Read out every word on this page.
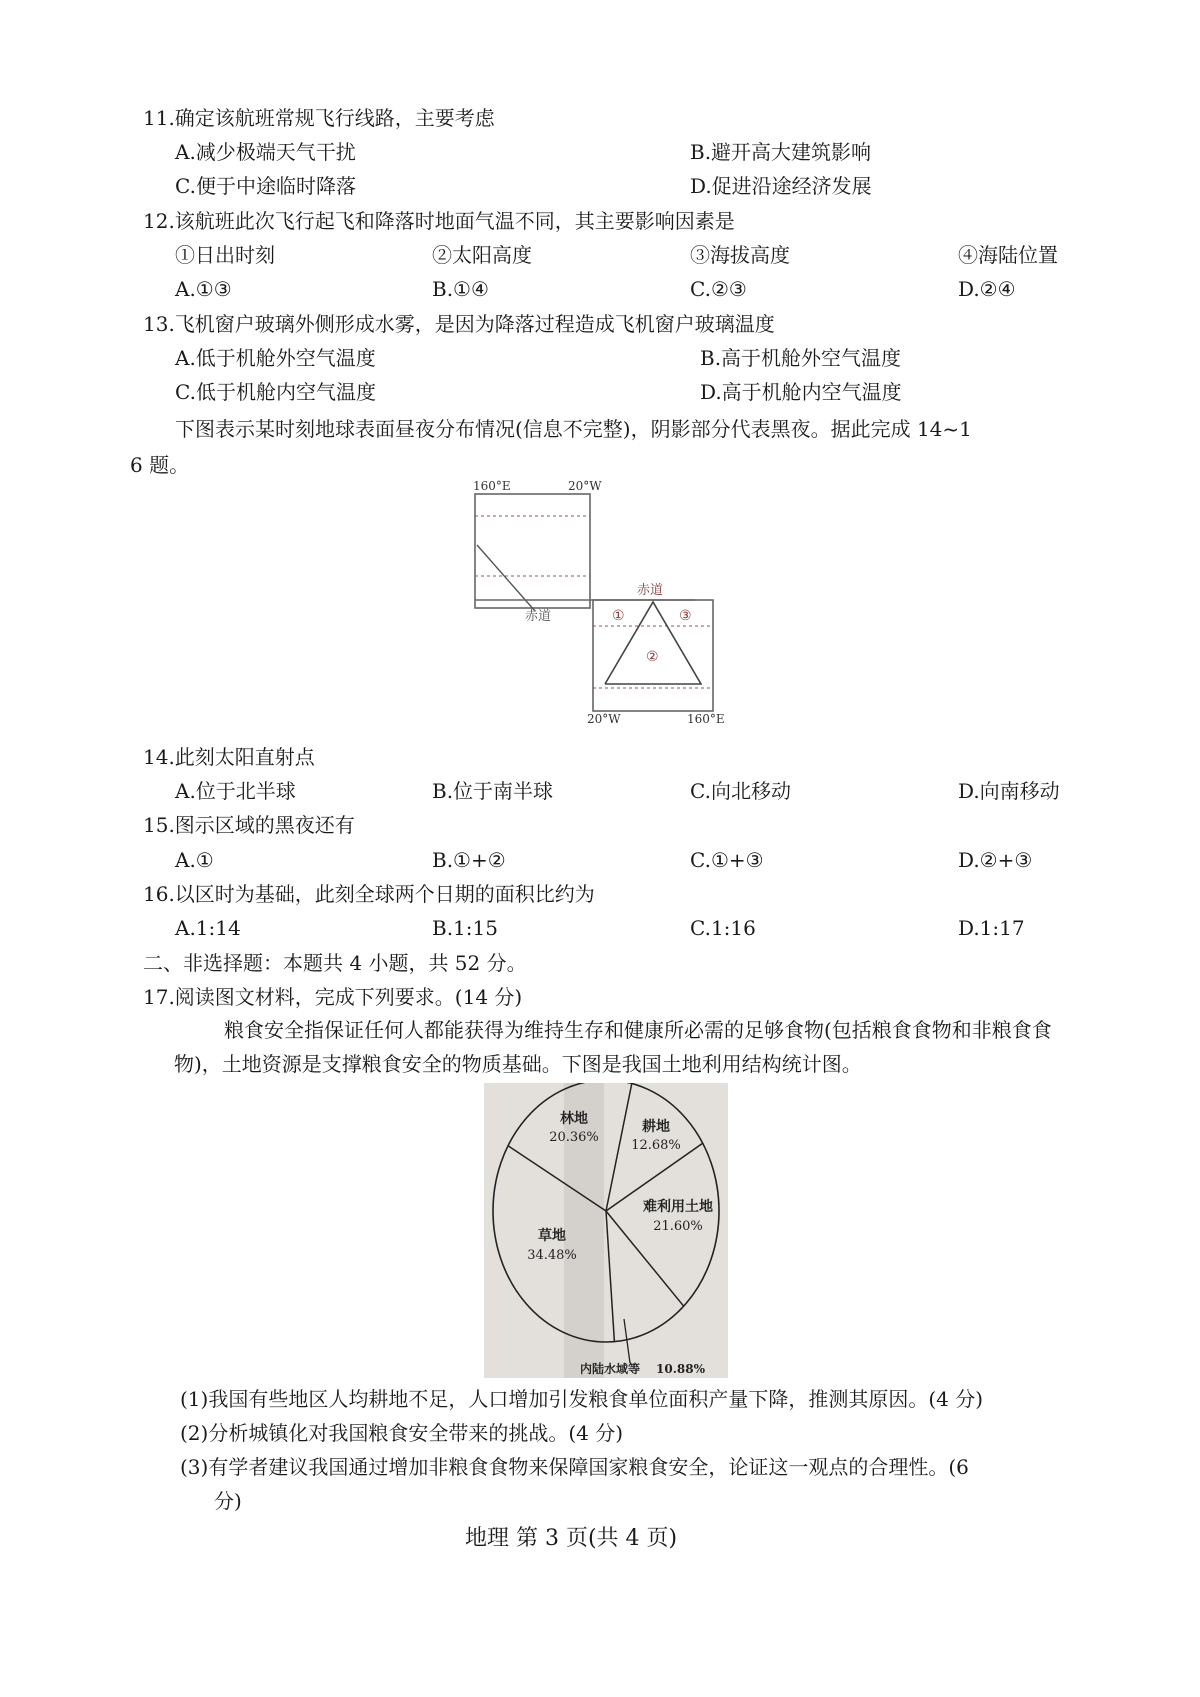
11.确定该航班常规飞行线路，主要考虑
A.减少极端天气干扰	B.避开高大建筑影响
C.便于中途临时降落	D.促进沿途经济发展
12.该航班此次飞行起飞和降落时地面气温不同，其主要影响因素是
①日出时刻	②太阳高度	③海拔高度	④海陆位置
A.①③	B.①④	C.②③	D.②④
13.飞机窗户玻璃外侧形成水雾，是因为降落过程造成飞机窗户玻璃温度
A.低于机舱外空气温度	B.高于机舱外空气温度
C.低于机舱内空气温度	D.高于机舱内空气温度
下图表示某时刻地球表面昼夜分布情况(信息不完整)，阴影部分代表黑夜。据此完成 14~1
6 题。
160°E	20°W
赤道
赤道
①	③
②
20°W	160°E
14.此刻太阳直射点
A.位于北半球	B.位于南半球	C.向北移动	D.向南移动
15.图示区域的黑夜还有
A.①	B.①+②	C.①+③	D.②+③
16.以区时为基础，此刻全球两个日期的面积比约为
A.1:14	B.1:15	C.1:16	D.1:17
二、非选择题：本题共 4 小题，共 52 分。
17.阅读图文材料，完成下列要求。(14 分)
粮食安全指保证任何人都能获得为维持生存和健康所必需的足够食物(包括粮食食物和非粮食食物)，土地资源是支撑粮食安全的物质基础。下图是我国土地利用结构统计图。
林地
20.36%
耕地
12.68%
难利用土地
21.60%
草地
34.48%
内陆水域等 10.88%
(1)我国有些地区人均耕地不足，人口增加引发粮食单位面积产量下降，推测其原因。(4 分)
(2)分析城镇化对我国粮食安全带来的挑战。(4 分)
(3)有学者建议我国通过增加非粮食食物来保障国家粮食安全，论证这一观点的合理性。(6
分)
地理 第 3 页(共 4 页)
